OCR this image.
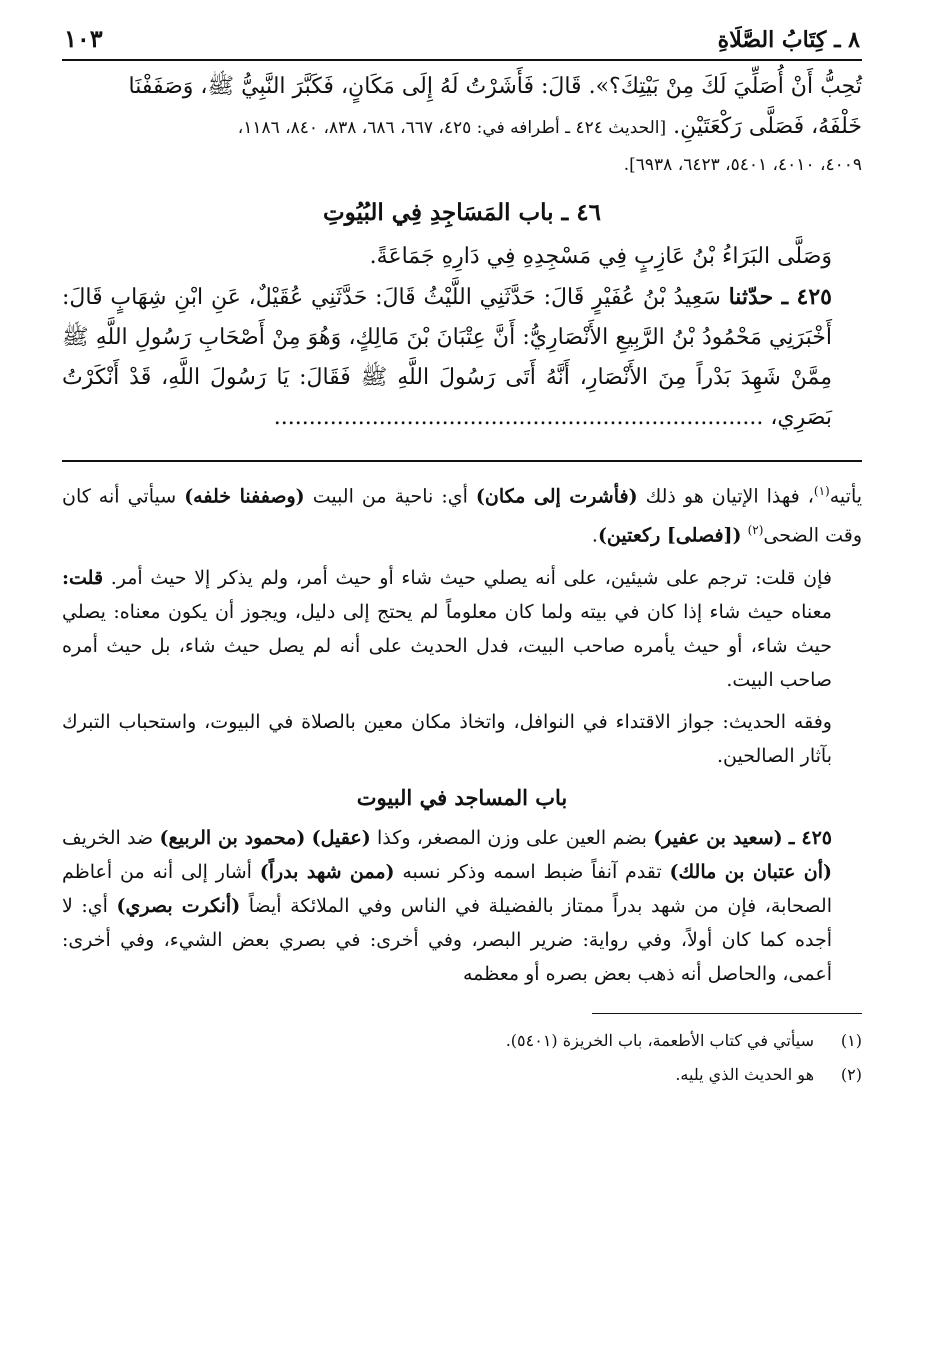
٨ ـ كِتَابُ الصَّلَاةِ
١٠٣

تُحِبُّ أَنْ أُصَلِّيَ لَكَ مِنْ بَيْتِكَ؟». قَالَ: فَأَشَرْتُ لَهُ إِلَى مَكَانٍ، فَكَبَّرَ النَّبِيُّ ﷺ، وَصَفَفْنَا

خَلْفَهُ، فَصَلَّى رَكْعَتَيْنِ. [الحديث ٤٢٤ ـ أطرافه في: ٤٢٥، ٦٦٧، ٦٨٦، ٨٣٨، ٨٤٠، ١١٨٦،

٤٠٠٩، ٤٠١٠، ٥٤٠١، ٦٤٢٣، ٦٩٣٨].

٤٦ ـ باب المَسَاجِدِ فِي البُيُوتِ

وَصَلَّى البَرَاءُ بْنُ عَازِبٍ فِي مَسْجِدِهِ فِي دَارِهِ جَمَاعَةً.

٤٢٥ ـ حدّثنا سَعِيدُ بْنُ عُفَيْرٍ قَالَ: حَدَّثَنِي اللَّيْثُ قَالَ: حَدَّثَنِي عُقَيْلٌ، عَنِ ابْنِ شِهَابٍ قَالَ: أَخْبَرَنِي مَحْمُودُ بْنُ الرَّبِيعِ الأَنْصَارِيُّ: أَنَّ عِتْبَانَ بْنَ مَالِكٍ، وَهُوَ مِنْ أَصْحَابِ رَسُولِ اللَّهِ ﷺ مِمَّنْ شَهِدَ بَدْراً مِنَ الأَنْصَارِ، أَنَّهُ أَتَى رَسُولَ اللَّهِ ﷺ فَقَالَ: يَا رَسُولَ اللَّهِ، قَدْ أَنْكَرْتُ بَصَرِي، ......................................................................

يأتيه$^{(١)}$، فهذا الإتيان هو ذلك (فأشرت إلى مكان) أي: ناحية من البيت (وصففنا خلفه) سيأتي أنه كان وقت الضحى$^{(٢)}$ ([فصلى] ركعتين).

فإن قلت: ترجم على شيئين، على أنه يصلي حيث شاء أو حيث أمر، ولم يذكر إلا حيث أمر. قلت: معناه حيث شاء إذا كان في بيته ولما كان معلوماً لم يحتج إلى دليل، ويجوز أن يكون معناه: يصلي حيث شاء، أو حيث يأمره صاحب البيت، فدل الحديث على أنه لم يصل حيث شاء، بل حيث أمره صاحب البيت.

وفقه الحديث: جواز الاقتداء في النوافل، واتخاذ مكان معين بالصلاة في البيوت، واستحباب التبرك بآثار الصالحين.

باب المساجد في البيوت

٤٢٥ ـ (سعيد بن عفير) بضم العين على وزن المصغر، وكذا (عقيل) (محمود بن الربيع) ضد الخريف (أن عتبان بن مالك) تقدم آنفاً ضبط اسمه وذكر نسبه (ممن شهد بدراً) أشار إلى أنه من أعاظم الصحابة، فإن من شهد بدراً ممتاز بالفضيلة في الناس وفي الملائكة أيضاً (أنكرت بصري) أي: لا أجده كما كان أولاً، وفي رواية: ضرير البصر، وفي أخرى: في بصري بعض الشيء، وفي أخرى: أعمى، والحاصل أنه ذهب بعض بصره أو معظمه

(١)
سيأتي في كتاب الأطعمة، باب الخريزة (٥٤٠١).
(٢)
هو الحديث الذي يليه.
